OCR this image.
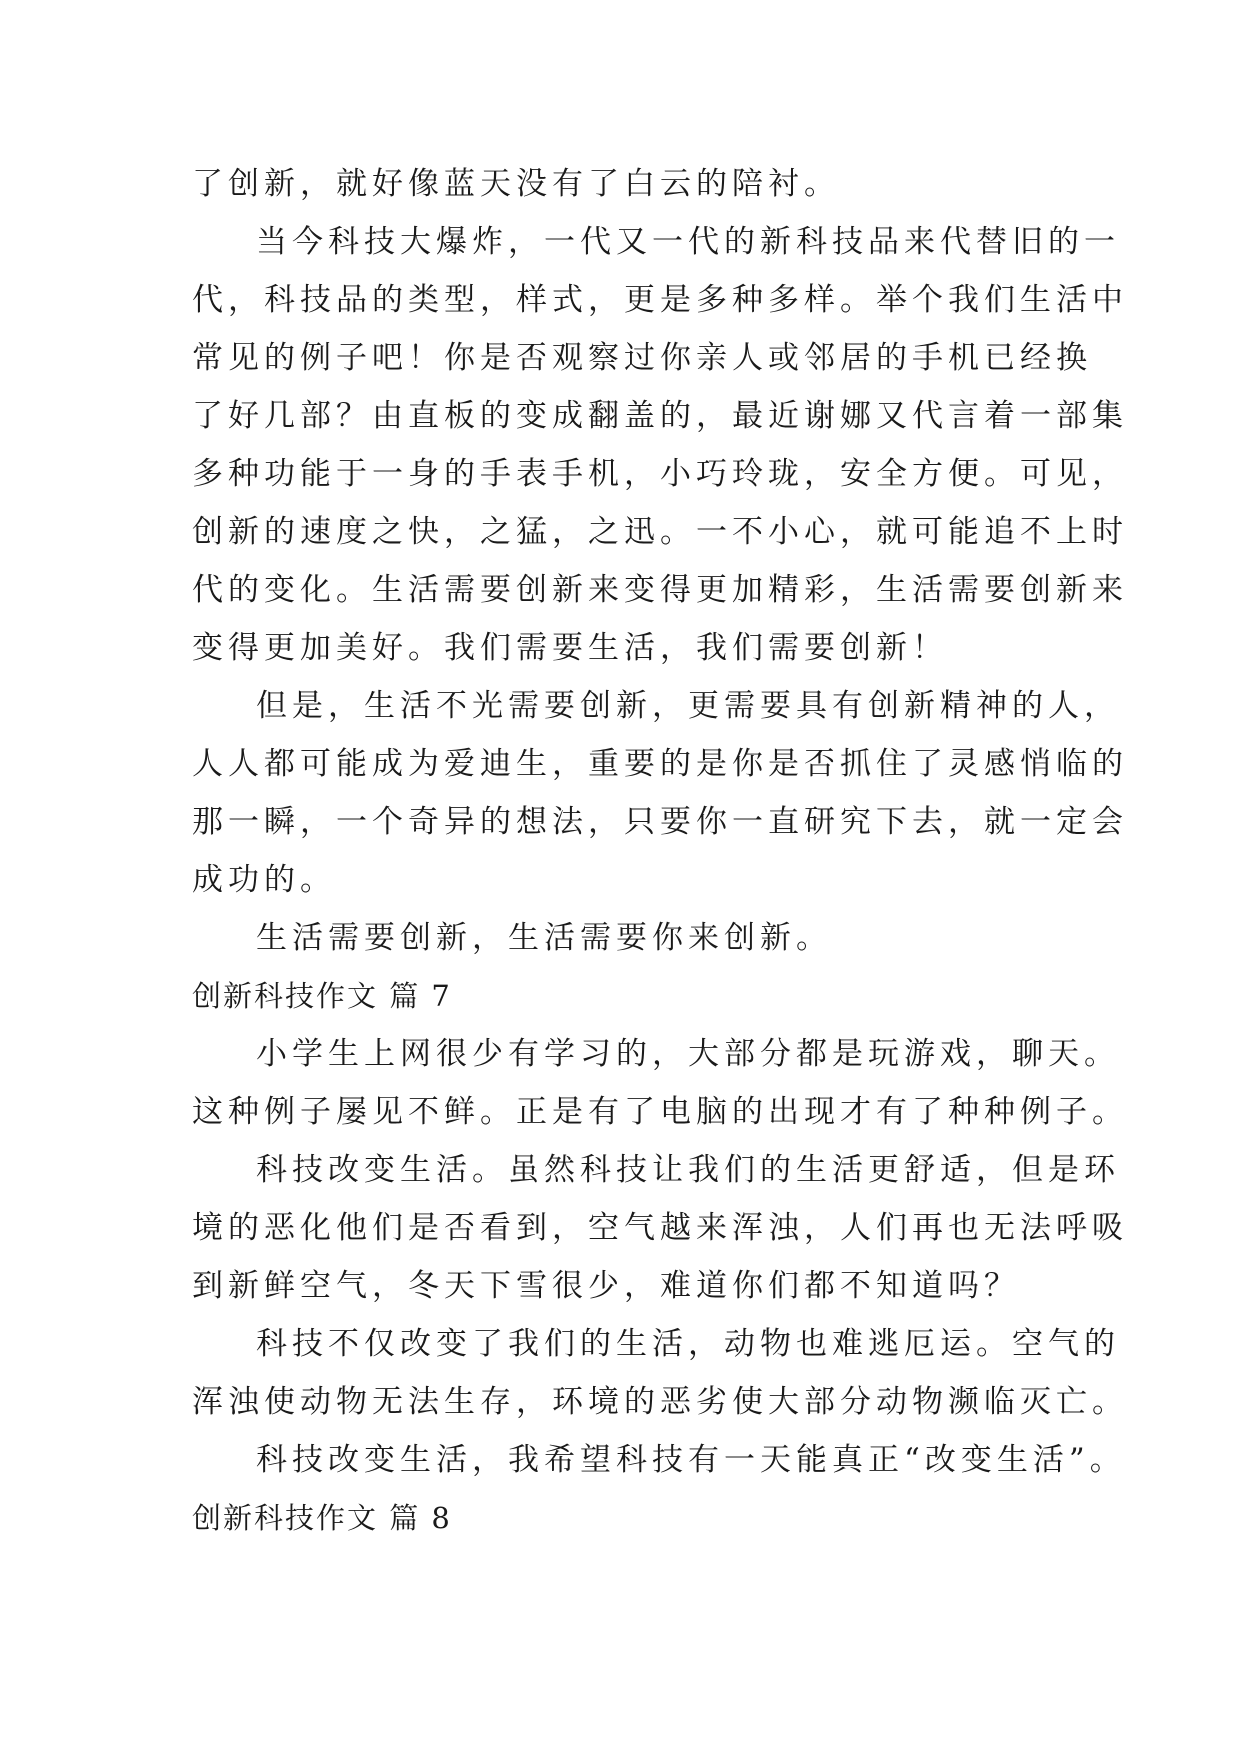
了创新，就好像蓝天没有了白云的陪衬。
当今科技大爆炸，一代又一代的新科技品来代替旧的一
代，科技品的类型，样式，更是多种多样。举个我们生活中
常见的例子吧！你是否观察过你亲人或邻居的手机已经换
了好几部？由直板的变成翻盖的，最近谢娜又代言着一部集
多种功能于一身的手表手机，小巧玲珑，安全方便。可见，
创新的速度之快，之猛，之迅。一不小心，就可能追不上时
代的变化。生活需要创新来变得更加精彩，生活需要创新来
变得更加美好。我们需要生活，我们需要创新！
但是，生活不光需要创新，更需要具有创新精神的人，
人人都可能成为爱迪生，重要的是你是否抓住了灵感悄临的
那一瞬，一个奇异的想法，只要你一直研究下去，就一定会
成功的。
生活需要创新，生活需要你来创新。
创新科技作文 篇 7
小学生上网很少有学习的，大部分都是玩游戏，聊天。
这种例子屡见不鲜。正是有了电脑的出现才有了种种例子。
科技改变生活。虽然科技让我们的生活更舒适，但是环
境的恶化他们是否看到，空气越来浑浊，人们再也无法呼吸
到新鲜空气，冬天下雪很少，难道你们都不知道吗？
科技不仅改变了我们的生活，动物也难逃厄运。空气的
浑浊使动物无法生存，环境的恶劣使大部分动物濒临灭亡。
科技改变生活，我希望科技有一天能真正“改变生活”。
创新科技作文 篇 8
